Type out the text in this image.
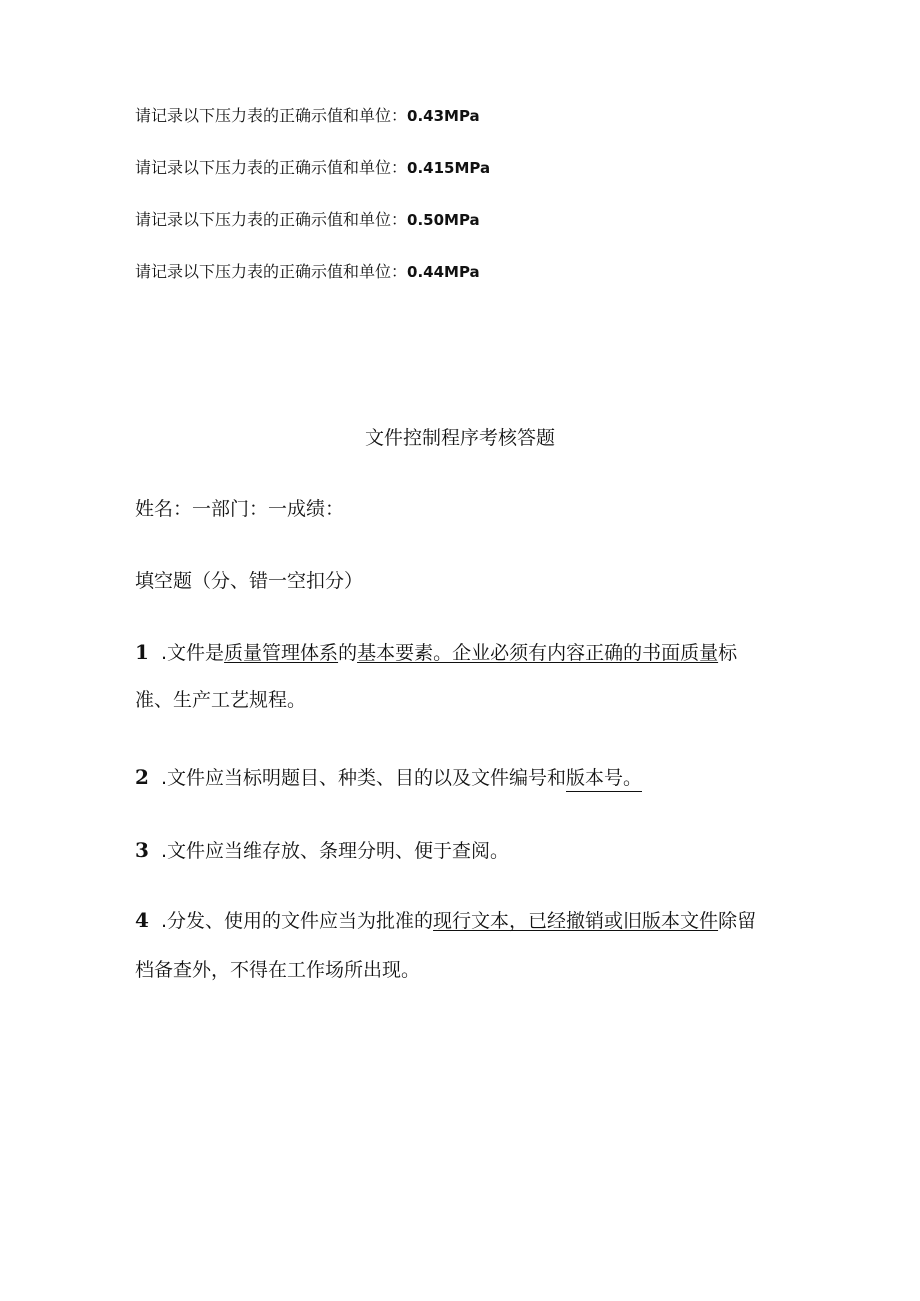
请记录以下压力表的正确示值和单位：0.43MPa
请记录以下压力表的正确示值和单位：0.415MPa
请记录以下压力表的正确示值和单位：0.50MPa
请记录以下压力表的正确示值和单位：0.44MPa
文件控制程序考核答题
姓名：一部门：一成绩：
填空题（分、错一空扣分）
1 .文件是质量管理体系的基本要素。企业必须有内容正确的书面质量标
准、生产工艺规程。
2 .文件应当标明题目、种类、目的以及文件编号和版本号。
3 .文件应当维存放、条理分明、便于查阅。
4 .分发、使用的文件应当为批准的现行文本，已经撤销或旧版本文件除留
档备查外，不得在工作场所出现。
